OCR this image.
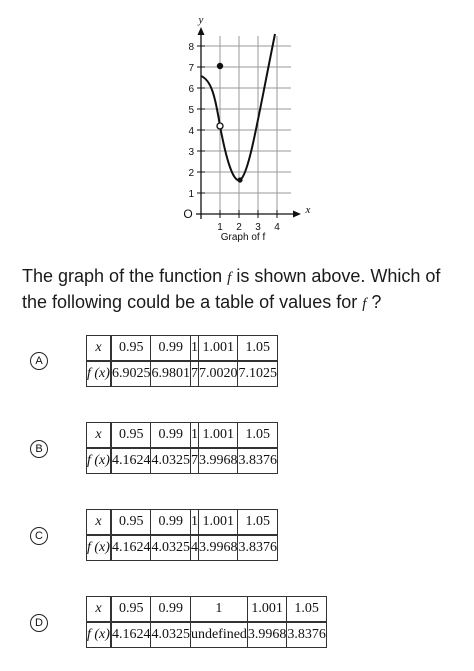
8
7
6
5
4
3
2
1
1 2 3 4
O
y
x
Graph of f
The graph of the function f is shown above. Which of the following could be a table of values for f ?
A
x	0.95	0.99	1	1.001	1.05
f (x)	6.9025	6.9801	7	7.0020	7.1025
B
x	0.95	0.99	1	1.001	1.05
f (x)	4.1624	4.0325	7	3.9968	3.8376
C
x	0.95	0.99	1	1.001	1.05
f (x)	4.1624	4.0325	4	3.9968	3.8376
D
x	0.95	0.99	1	1.001	1.05
f (x)	4.1624	4.0325	undefined	3.9968	3.8376
